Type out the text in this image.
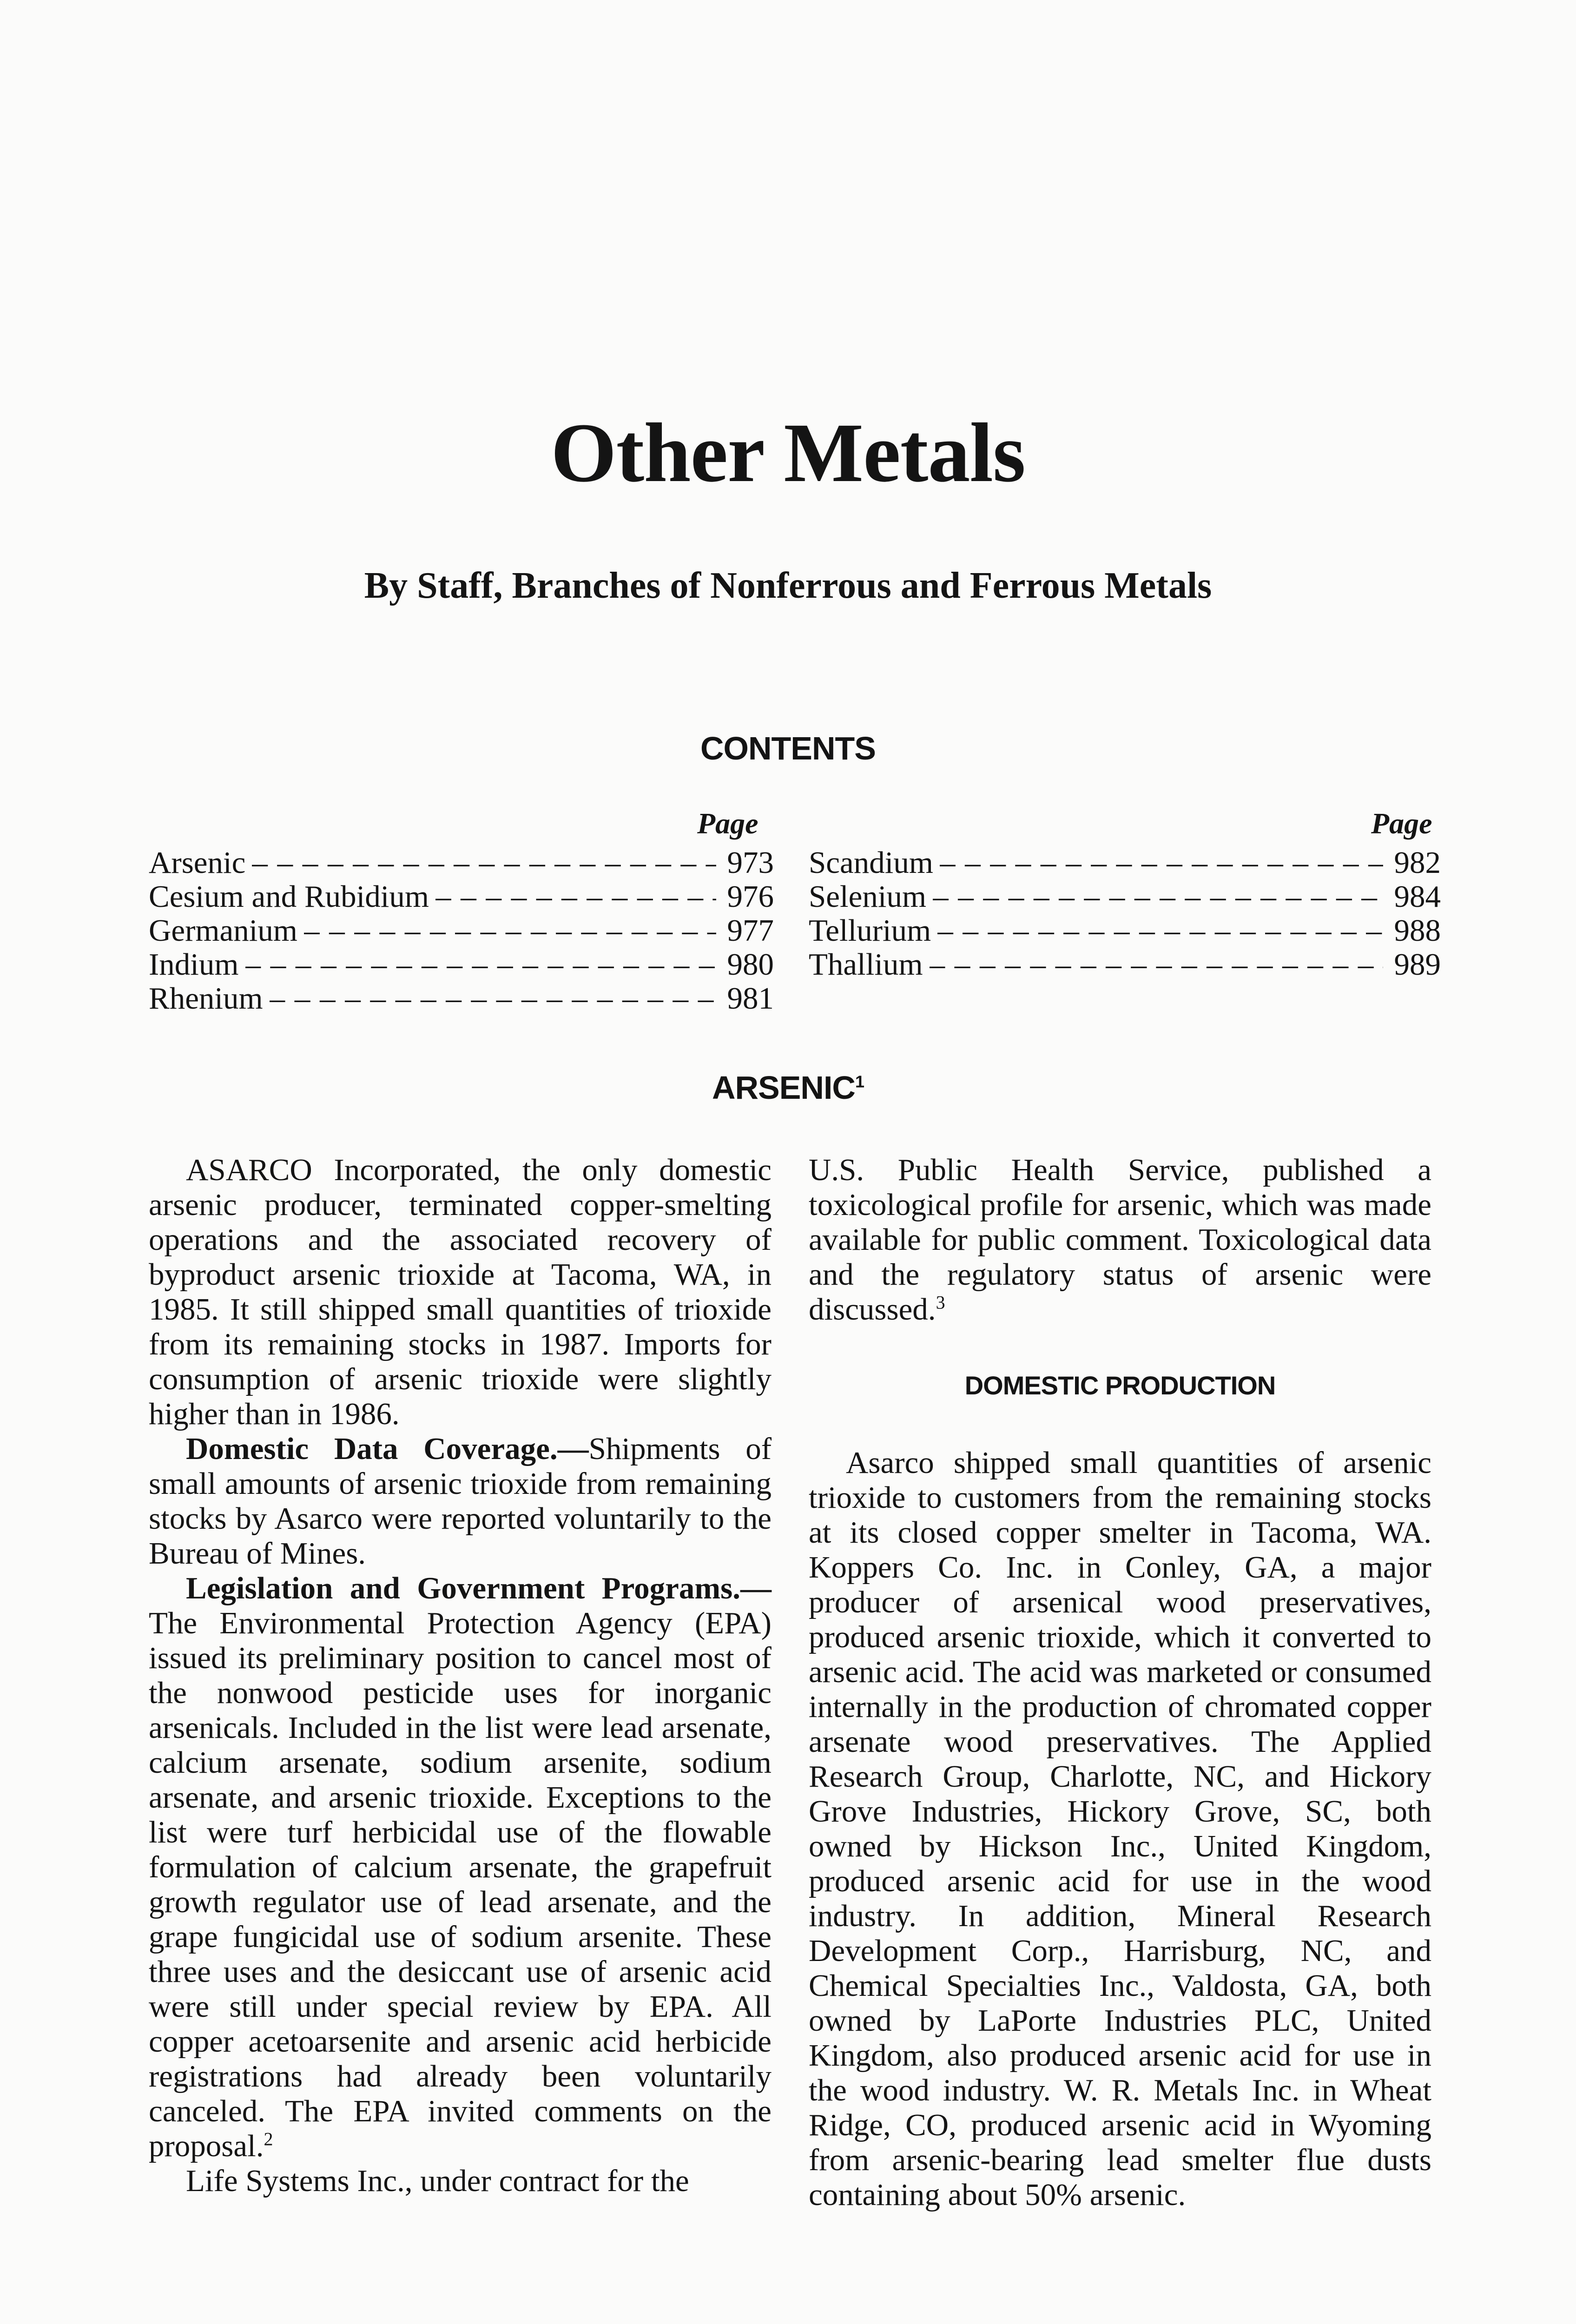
Other Metals
By Staff, Branches of Nonferrous and Ferrous Metals
CONTENTS
Page
Arsenic – – –	973
Cesium and Rubidium – – –	976
Germanium – – –	977
Indium – – –	980
Rhenium – – –	981
Page
Scandium – – –	982
Selenium – – –	984
Tellurium – – –	988
Thallium – – –	989
ARSENIC$^1$

ASARCO Incorporated, the only domestic arsenic producer, terminated copper-smelting operations and the associated recovery of byproduct arsenic trioxide at Tacoma, WA, in 1985. It still shipped small quantities of trioxide from its remaining stocks in 1987. Imports for consumption of arsenic trioxide were slightly higher than in 1986.

Domestic Data Coverage.—Shipments of small amounts of arsenic trioxide from remaining stocks by Asarco were reported voluntarily to the Bureau of Mines.

Legislation and Government Programs.—The Environmental Protection Agency (EPA) issued its preliminary position to cancel most of the nonwood pesticide uses for inorganic arsenicals. Included in the list were lead arsenate, calcium arsenate, sodium arsenite, sodium arsenate, and arsenic trioxide. Exceptions to the list were turf herbicidal use of the flowable formulation of calcium arsenate, the grapefruit growth regulator use of lead arsenate, and the grape fungicidal use of sodium arsenite. These three uses and the desiccant use of arsenic acid were still under special review by EPA. All copper acetoarsenite and arsenic acid herbicide registrations had already been voluntarily canceled. The EPA invited comments on the proposal.$^2$

Life Systems Inc., under contract for the

U.S. Public Health Service, published a toxicological profile for arsenic, which was made available for public comment. Toxicological data and the regulatory status of arsenic were discussed.$^3$

DOMESTIC PRODUCTION

Asarco shipped small quantities of arsenic trioxide to customers from the remaining stocks at its closed copper smelter in Tacoma, WA. Koppers Co. Inc. in Conley, GA, a major producer of arsenical wood preservatives, produced arsenic trioxide, which it converted to arsenic acid. The acid was marketed or consumed internally in the production of chromated copper arsenate wood preservatives. The Applied Research Group, Charlotte, NC, and Hickory Grove Industries, Hickory Grove, SC, both owned by Hickson Inc., United Kingdom, produced arsenic acid for use in the wood industry. In addition, Mineral Research Development Corp., Harrisburg, NC, and Chemical Specialties Inc., Valdosta, GA, both owned by LaPorte Industries PLC, United Kingdom, also produced arsenic acid for use in the wood industry. W. R. Metals Inc. in Wheat Ridge, CO, produced arsenic acid in Wyoming from arsenic-bearing lead smelter flue dusts containing about 50% arsenic.
